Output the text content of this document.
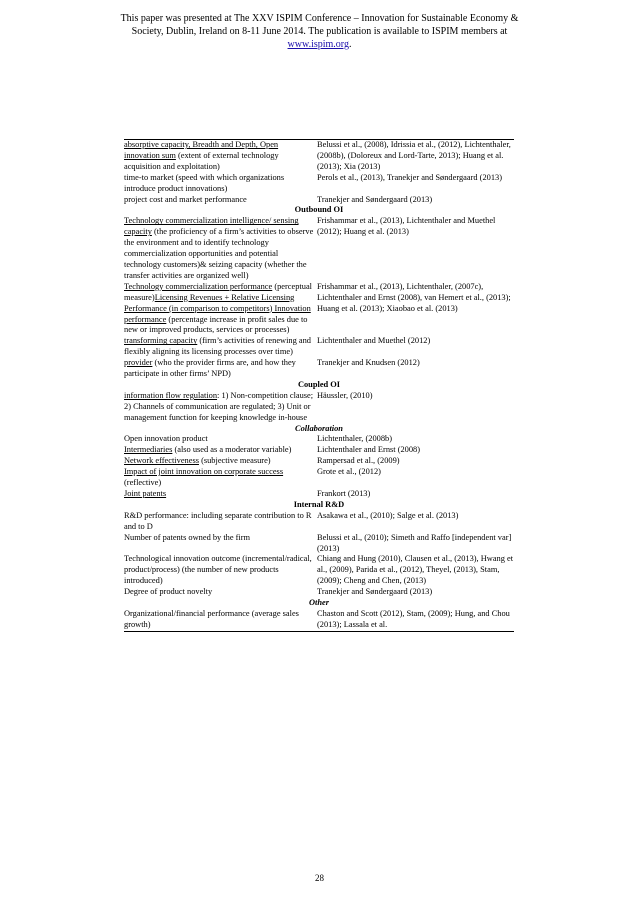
This paper was presented at The XXV ISPIM Conference – Innovation for Sustainable Economy &
Society, Dublin, Ireland on 8-11 June 2014. The publication is available to ISPIM members at
www.ispim.org.
absorptive capacity, Breadth and Depth, Open innovation sum (extent of external technology acquisition and exploitation)	Belussi et al., (2008), Idrissia et al., (2012), Lichtenthaler, (2008b), (Doloreux and Lord-Tarte, 2013); Huang et al. (2013); Xia (2013)
time-to market (speed with which organizations introduce product innovations)	Perols et al., (2013), Tranekjer and Søndergaard (2013)
project cost and market performance	Tranekjer and Søndergaard (2013)
Outbound OI	
Technology commercialization intelligence/ sensing capacity (the proficiency of a firm’s activities to observe the environment and to identify technology commercialization opportunities and potential technology customers)& seizing capacity (whether the transfer activities are organized well)	Frishammar et al., (2013), Lichtenthaler and Muethel (2012); Huang et al. (2013)
Technology commercialization performance (perceptual measure)Licensing Revenues + Relative Licensing Performance (in comparison to competitors) Innovation performance (percentage increase in profit sales due to new or improved products, services or processes)	Frishammar et al., (2013), Lichtenthaler, (2007c), Lichtenthaler and Ernst (2008), van Hemert et al., (2013); Huang et al. (2013); Xiaobao et al. (2013)
transforming capacity (firm’s activities of renewing and flexibly aligning its licensing processes over time)	Lichtenthaler and Muethel (2012)
provider (who the provider firms are, and how they participate in other firms’ NPD)	Tranekjer and Knudsen (2012)
Coupled OI	
information flow regulation: 1) Non-competition clause; 2) Channels of communication are regulated; 3) Unit or management function for keeping knowledge in-house	Häussler, (2010)
Collaboration	
Open innovation product	Lichtenthaler, (2008b)
Intermediaries (also used as a moderator variable)	Lichtenthaler and Ernst (2008)
Network effectiveness (subjective measure)	Rampersad et al., (2009)
Impact of joint innovation on corporate success (reflective)	Grote et al., (2012)
Joint patents	Frankort (2013)
Internal R&D	
R&D performance: including separate contribution to R and to D	Asakawa et al., (2010); Salge et al. (2013)
Number of patents owned by the firm	Belussi et al., (2010); Simeth and Raffo [independent var] (2013)
Technological innovation outcome (incremental/radical, product/process) (the number of new products introduced)	Chiang and Hung (2010), Clausen et al., (2013), Hwang et al., (2009), Parida et al., (2012), Theyel, (2013), Stam, (2009); Cheng and Chen, (2013)
Degree of product novelty	Tranekjer and Søndergaard (2013)
Other	
Organizational/financial performance (average sales growth)	Chaston and Scott (2012), Stam, (2009); Hung, and Chou (2013); Lassala et al.
28
